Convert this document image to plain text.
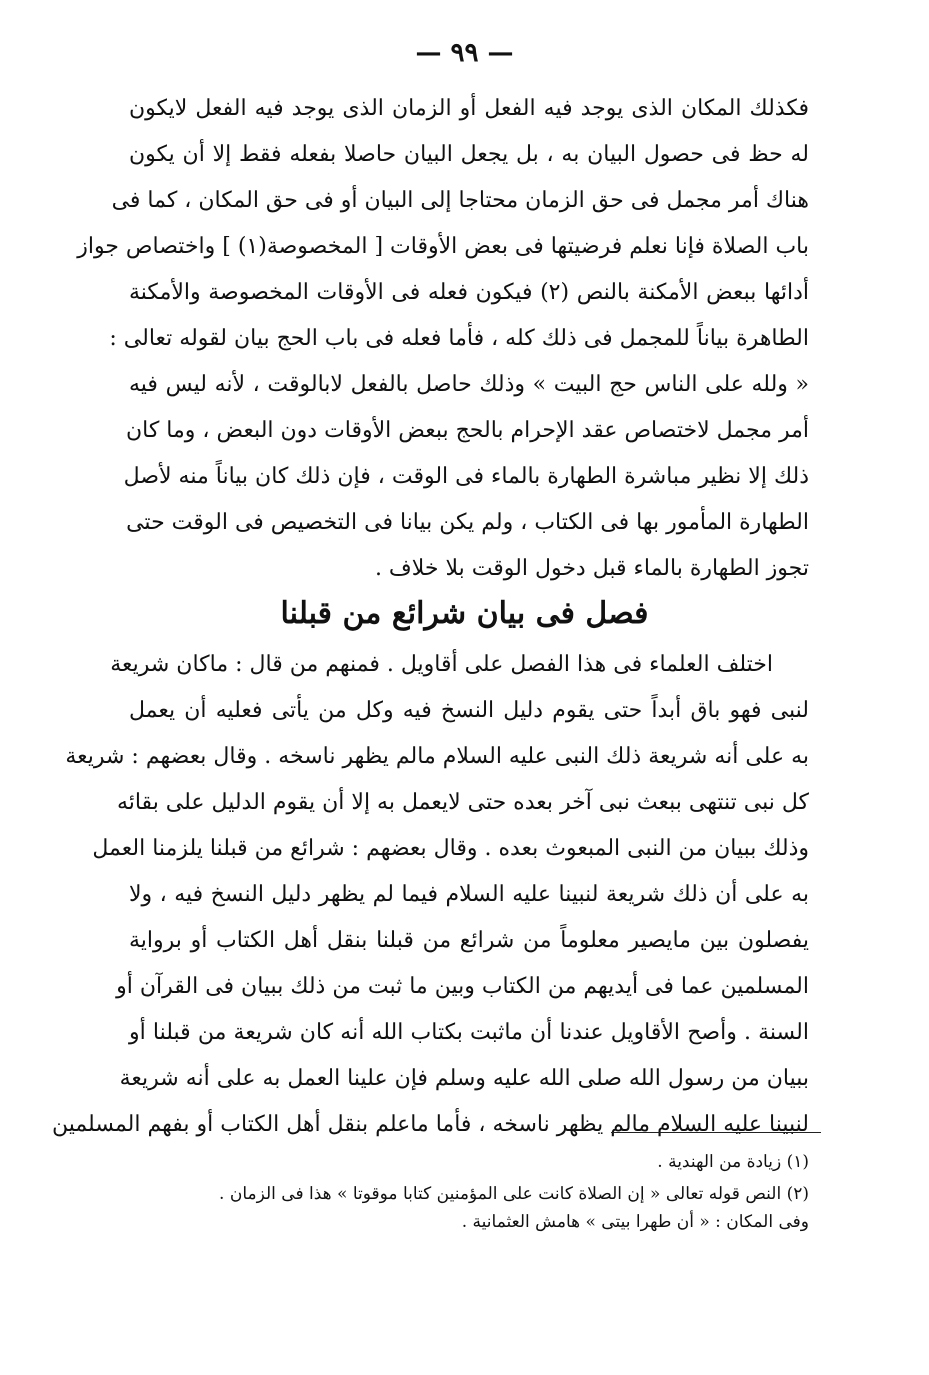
— ٩٩ —
فكذلك المكان الذى يوجد فيه الفعل أو الزمان الذى يوجد فيه الفعل لايكون
له حظ فى حصول البيان به ، بل يجعل البيان حاصلا بفعله فقط إلا أن يكون
هناك أمر مجمل فى حق الزمان محتاجا إلى البيان أو فى حق المكان ، كما فى
باب الصلاة فإنا نعلم فرضيتها فى بعض الأوقات [ المخصوصة(١) ] واختصاص جواز
أدائها ببعض الأمكنة بالنص (٢) فيكون فعله فى الأوقات المخصوصة والأمكنة
الطاهرة بياناً للمجمل فى ذلك كله ، فأما فعله فى باب الحج بيان لقوله تعالى :
« ولله على الناس حج البيت » وذلك حاصل بالفعل لابالوقت ، لأنه ليس فيه
أمر مجمل لاختصاص عقد الإحرام بالحج ببعض الأوقات دون البعض ، وما كان
ذلك إلا نظير مباشرة الطهارة بالماء فى الوقت ، فإن ذلك كان بياناً منه لأصل
الطهارة المأمور بها فى الكتاب ، ولم يكن بيانا فى التخصيص فى الوقت حتى
تجوز الطهارة بالماء قبل دخول الوقت بلا خلاف .
فصل فى بيان شرائع من قبلنا
اختلف العلماء فى هذا الفصل على أقاويل . فمنهم من قال : ماكان شريعة
لنبى فهو باق أبداً حتى يقوم دليل النسخ فيه وكل من يأتى فعليه أن يعمل
به على أنه شريعة ذلك النبى عليه السلام مالم يظهر ناسخه . وقال بعضهم : شريعة
كل نبى تنتهى ببعث نبى آخر بعده حتى لايعمل به إلا أن يقوم الدليل على بقائه
وذلك ببيان من النبى المبعوث بعده . وقال بعضهم : شرائع من قبلنا يلزمنا العمل
به على أن ذلك شريعة لنبينا عليه السلام فيما لم يظهر دليل النسخ فيه ، ولا
يفصلون بين مايصير معلوماً من شرائع من قبلنا بنقل أهل الكتاب أو برواية
المسلمين عما فى أيديهم من الكتاب وبين ما ثبت من ذلك ببيان فى القرآن أو
السنة . وأصح الأقاويل عندنا أن ماثبت بكتاب الله أنه كان شريعة من قبلنا أو
ببيان من رسول الله صلى الله عليه وسلم فإن علينا العمل به على أنه شريعة
لنبينا عليه السلام مالم يظهر ناسخه ، فأما ماعلم بنقل أهل الكتاب أو بفهم المسلمين
(١) زيادة من الهندية .
(٢) النص قوله تعالى « إن الصلاة كانت على المؤمنين كتابا موقوتا » هذا فى الزمان .
وفى المكان : « أن طهرا بيتى » هامش العثمانية .
